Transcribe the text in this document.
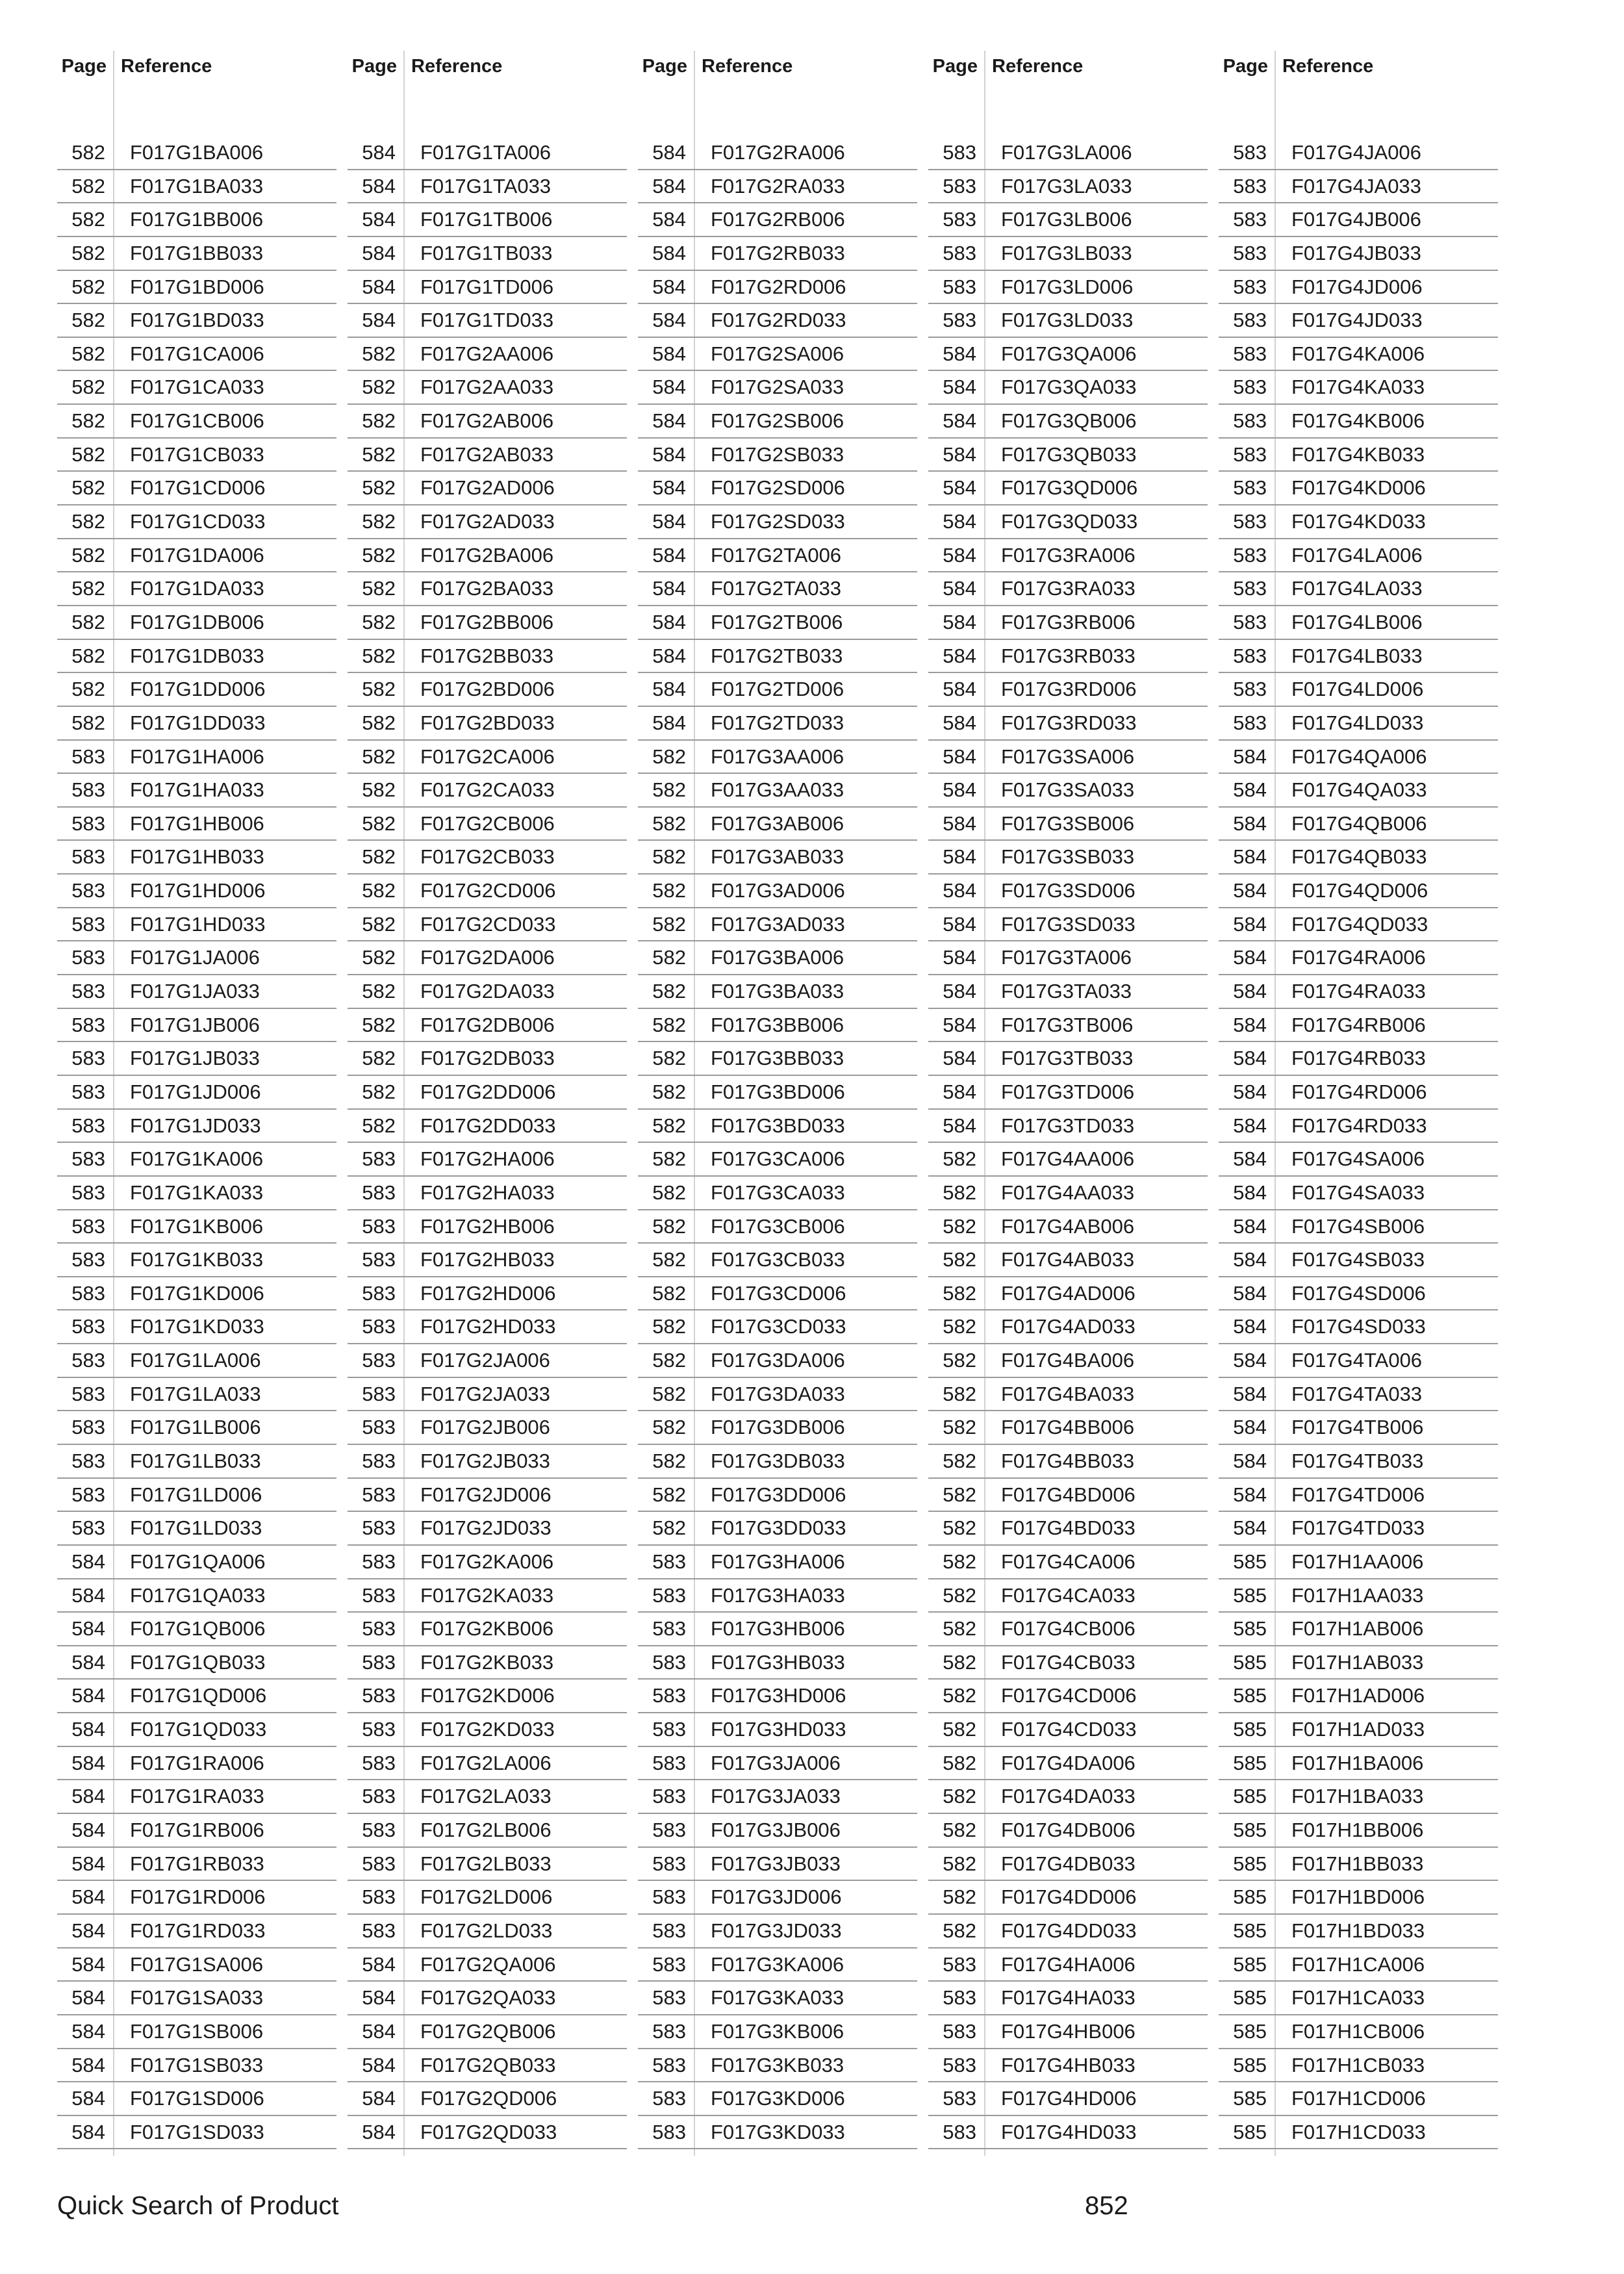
Page Reference
582 F017G1BA006
582 F017G1BA033
582 F017G1BB006
582 F017G1BB033
582 F017G1BD006
582 F017G1BD033
582 F017G1CA006
582 F017G1CA033
582 F017G1CB006
582 F017G1CB033
582 F017G1CD006
582 F017G1CD033
582 F017G1DA006
582 F017G1DA033
582 F017G1DB006
582 F017G1DB033
582 F017G1DD006
582 F017G1DD033
583 F017G1HA006
583 F017G1HA033
583 F017G1HB006
583 F017G1HB033
583 F017G1HD006
583 F017G1HD033
583 F017G1JA006
583 F017G1JA033
583 F017G1JB006
583 F017G1JB033
583 F017G1JD006
583 F017G1JD033
583 F017G1KA006
583 F017G1KA033
583 F017G1KB006
583 F017G1KB033
583 F017G1KD006
583 F017G1KD033
583 F017G1LA006
583 F017G1LA033
583 F017G1LB006
583 F017G1LB033
583 F017G1LD006
583 F017G1LD033
584 F017G1QA006
584 F017G1QA033
584 F017G1QB006
584 F017G1QB033
584 F017G1QD006
584 F017G1QD033
584 F017G1RA006
584 F017G1RA033
584 F017G1RB006
584 F017G1RB033
584 F017G1RD006
584 F017G1RD033
584 F017G1SA006
584 F017G1SA033
584 F017G1SB006
584 F017G1SB033
584 F017G1SD006
584 F017G1SD033
Page Reference
584 F017G1TA006
584 F017G1TA033
584 F017G1TB006
584 F017G1TB033
584 F017G1TD006
584 F017G1TD033
582 F017G2AA006
582 F017G2AA033
582 F017G2AB006
582 F017G2AB033
582 F017G2AD006
582 F017G2AD033
582 F017G2BA006
582 F017G2BA033
582 F017G2BB006
582 F017G2BB033
582 F017G2BD006
582 F017G2BD033
582 F017G2CA006
582 F017G2CA033
582 F017G2CB006
582 F017G2CB033
582 F017G2CD006
582 F017G2CD033
582 F017G2DA006
582 F017G2DA033
582 F017G2DB006
582 F017G2DB033
582 F017G2DD006
582 F017G2DD033
583 F017G2HA006
583 F017G2HA033
583 F017G2HB006
583 F017G2HB033
583 F017G2HD006
583 F017G2HD033
583 F017G2JA006
583 F017G2JA033
583 F017G2JB006
583 F017G2JB033
583 F017G2JD006
583 F017G2JD033
583 F017G2KA006
583 F017G2KA033
583 F017G2KB006
583 F017G2KB033
583 F017G2KD006
583 F017G2KD033
583 F017G2LA006
583 F017G2LA033
583 F017G2LB006
583 F017G2LB033
583 F017G2LD006
583 F017G2LD033
584 F017G2QA006
584 F017G2QA033
584 F017G2QB006
584 F017G2QB033
584 F017G2QD006
584 F017G2QD033
Page Reference
584 F017G2RA006
584 F017G2RA033
584 F017G2RB006
584 F017G2RB033
584 F017G2RD006
584 F017G2RD033
584 F017G2SA006
584 F017G2SA033
584 F017G2SB006
584 F017G2SB033
584 F017G2SD006
584 F017G2SD033
584 F017G2TA006
584 F017G2TA033
584 F017G2TB006
584 F017G2TB033
584 F017G2TD006
584 F017G2TD033
582 F017G3AA006
582 F017G3AA033
582 F017G3AB006
582 F017G3AB033
582 F017G3AD006
582 F017G3AD033
582 F017G3BA006
582 F017G3BA033
582 F017G3BB006
582 F017G3BB033
582 F017G3BD006
582 F017G3BD033
582 F017G3CA006
582 F017G3CA033
582 F017G3CB006
582 F017G3CB033
582 F017G3CD006
582 F017G3CD033
582 F017G3DA006
582 F017G3DA033
582 F017G3DB006
582 F017G3DB033
582 F017G3DD006
582 F017G3DD033
583 F017G3HA006
583 F017G3HA033
583 F017G3HB006
583 F017G3HB033
583 F017G3HD006
583 F017G3HD033
583 F017G3JA006
583 F017G3JA033
583 F017G3JB006
583 F017G3JB033
583 F017G3JD006
583 F017G3JD033
583 F017G3KA006
583 F017G3KA033
583 F017G3KB006
583 F017G3KB033
583 F017G3KD006
583 F017G3KD033
Page Reference
583 F017G3LA006
583 F017G3LA033
583 F017G3LB006
583 F017G3LB033
583 F017G3LD006
583 F017G3LD033
584 F017G3QA006
584 F017G3QA033
584 F017G3QB006
584 F017G3QB033
584 F017G3QD006
584 F017G3QD033
584 F017G3RA006
584 F017G3RA033
584 F017G3RB006
584 F017G3RB033
584 F017G3RD006
584 F017G3RD033
584 F017G3SA006
584 F017G3SA033
584 F017G3SB006
584 F017G3SB033
584 F017G3SD006
584 F017G3SD033
584 F017G3TA006
584 F017G3TA033
584 F017G3TB006
584 F017G3TB033
584 F017G3TD006
584 F017G3TD033
582 F017G4AA006
582 F017G4AA033
582 F017G4AB006
582 F017G4AB033
582 F017G4AD006
582 F017G4AD033
582 F017G4BA006
582 F017G4BA033
582 F017G4BB006
582 F017G4BB033
582 F017G4BD006
582 F017G4BD033
582 F017G4CA006
582 F017G4CA033
582 F017G4CB006
582 F017G4CB033
582 F017G4CD006
582 F017G4CD033
582 F017G4DA006
582 F017G4DA033
582 F017G4DB006
582 F017G4DB033
582 F017G4DD006
582 F017G4DD033
583 F017G4HA006
583 F017G4HA033
583 F017G4HB006
583 F017G4HB033
583 F017G4HD006
583 F017G4HD033
Page Reference
583 F017G4JA006
583 F017G4JA033
583 F017G4JB006
583 F017G4JB033
583 F017G4JD006
583 F017G4JD033
583 F017G4KA006
583 F017G4KA033
583 F017G4KB006
583 F017G4KB033
583 F017G4KD006
583 F017G4KD033
583 F017G4LA006
583 F017G4LA033
583 F017G4LB006
583 F017G4LB033
583 F017G4LD006
583 F017G4LD033
584 F017G4QA006
584 F017G4QA033
584 F017G4QB006
584 F017G4QB033
584 F017G4QD006
584 F017G4QD033
584 F017G4RA006
584 F017G4RA033
584 F017G4RB006
584 F017G4RB033
584 F017G4RD006
584 F017G4RD033
584 F017G4SA006
584 F017G4SA033
584 F017G4SB006
584 F017G4SB033
584 F017G4SD006
584 F017G4SD033
584 F017G4TA006
584 F017G4TA033
584 F017G4TB006
584 F017G4TB033
584 F017G4TD006
584 F017G4TD033
585 F017H1AA006
585 F017H1AA033
585 F017H1AB006
585 F017H1AB033
585 F017H1AD006
585 F017H1AD033
585 F017H1BA006
585 F017H1BA033
585 F017H1BB006
585 F017H1BB033
585 F017H1BD006
585 F017H1BD033
585 F017H1CA006
585 F017H1CA033
585 F017H1CB006
585 F017H1CB033
585 F017H1CD006
585 F017H1CD033
Quick Search of Product	852
